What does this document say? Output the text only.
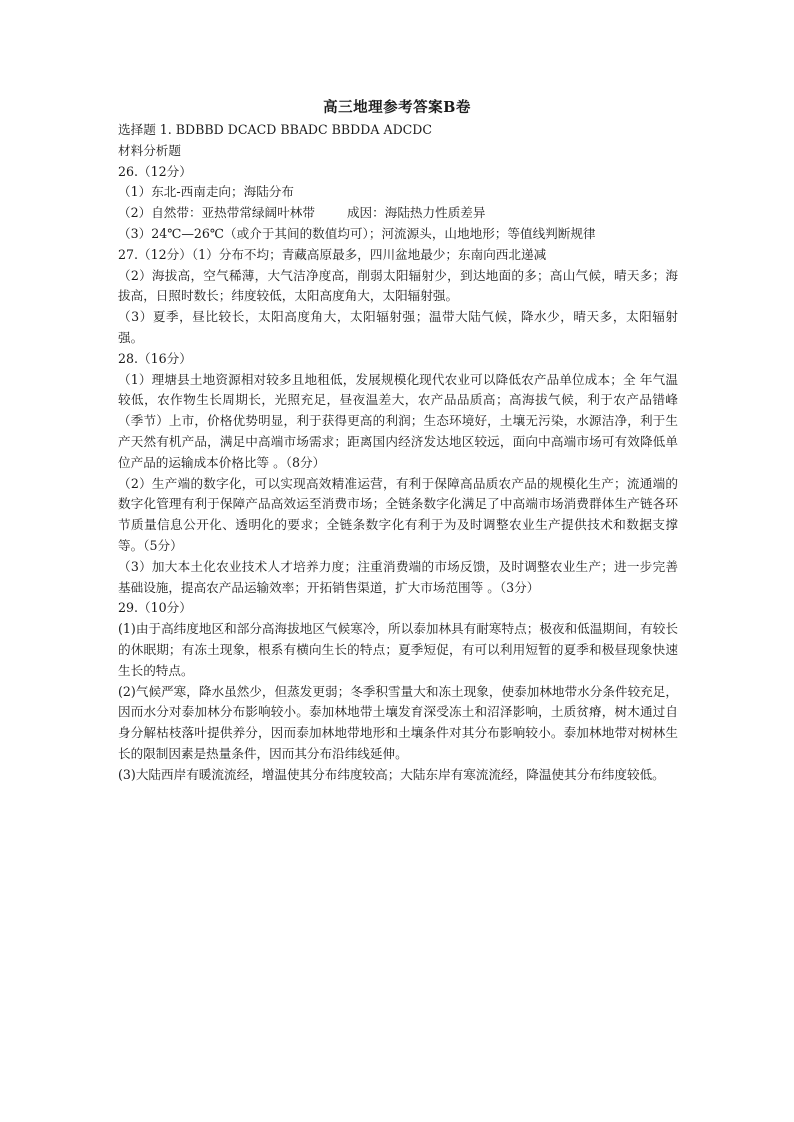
高三地理参考答案B卷
选择题 1. BDBBD DCACD BBADC BBDDA ADCDC
材料分析题
26.（12分）
（1）东北-西南走向；海陆分布
（2）自然带：亚热带常绿阔叶林带        成因：海陆热力性质差异
（3）24℃—26℃（或介于其间的数值均可）；河流源头，山地地形；等值线判断规律
27.（12分）（1）分布不均；青藏高原最多，四川盆地最少；东南向西北递减
（2）海拔高，空气稀薄，大气洁净度高，削弱太阳辐射少，到达地面的多；高山气候，晴天多；海拔高，日照时数长；纬度较低，太阳高度角大，太阳辐射强。
（3）夏季，昼比较长，太阳高度角大，太阳辐射强；温带大陆气候，降水少，晴天多，太阳辐射强。
28.（16分）
（1）理塘县土地资源相对较多且地租低，发展规模化现代农业可以降低农产品单位成本；全 年气温较低，农作物生长周期长，光照充足，昼夜温差大，农产品品质高；高海拔气候，利于农产品错峰（季节）上市，价格优势明显，利于获得更高的利润；生态环境好，土壤无污染，水源洁净，利于生产天然有机产品，满足中高端市场需求；距离国内经济发达地区较远，面向中高端市场可有效降低单位产品的运输成本价格比等 。（8分）
（2）生产端的数字化，可以实现高效精准运营，有利于保障高品质农产品的规模化生产；流通端的数字化管理有利于保障产品高效运至消费市场；全链条数字化满足了中高端市场消费群体生产链各环节质量信息公开化、透明化的要求；全链条数字化有利于为及时调整农业生产提供技术和数据支撑等。（5分）
（3）加大本土化农业技术人才培养力度；注重消费端的市场反馈，及时调整农业生产；进一步完善基础设施，提高农产品运输效率；开拓销售渠道，扩大市场范围等 。（3分）
29.（10分）
(1)由于高纬度地区和部分高海拔地区气候寒冷，所以泰加林具有耐寒特点；极夜和低温期间，有较长的休眠期；有冻土现象，根系有横向生长的特点；夏季短促，有可以利用短暂的夏季和极昼现象快速生长的特点。
(2)气候严寒，降水虽然少，但蒸发更弱；冬季积雪量大和冻土现象，使泰加林地带水分条件较充足，因而水分对泰加林分布影响较小。泰加林地带土壤发育深受冻土和沼泽影响，土质贫瘠，树木通过自身分解枯枝落叶提供养分，因而泰加林地带地形和土壤条件对其分布影响较小。泰加林地带对树林生长的限制因素是热量条件，因而其分布沿纬线延伸。
(3)大陆西岸有暖流流经，增温使其分布纬度较高；大陆东岸有寒流流经，降温使其分布纬度较低。
